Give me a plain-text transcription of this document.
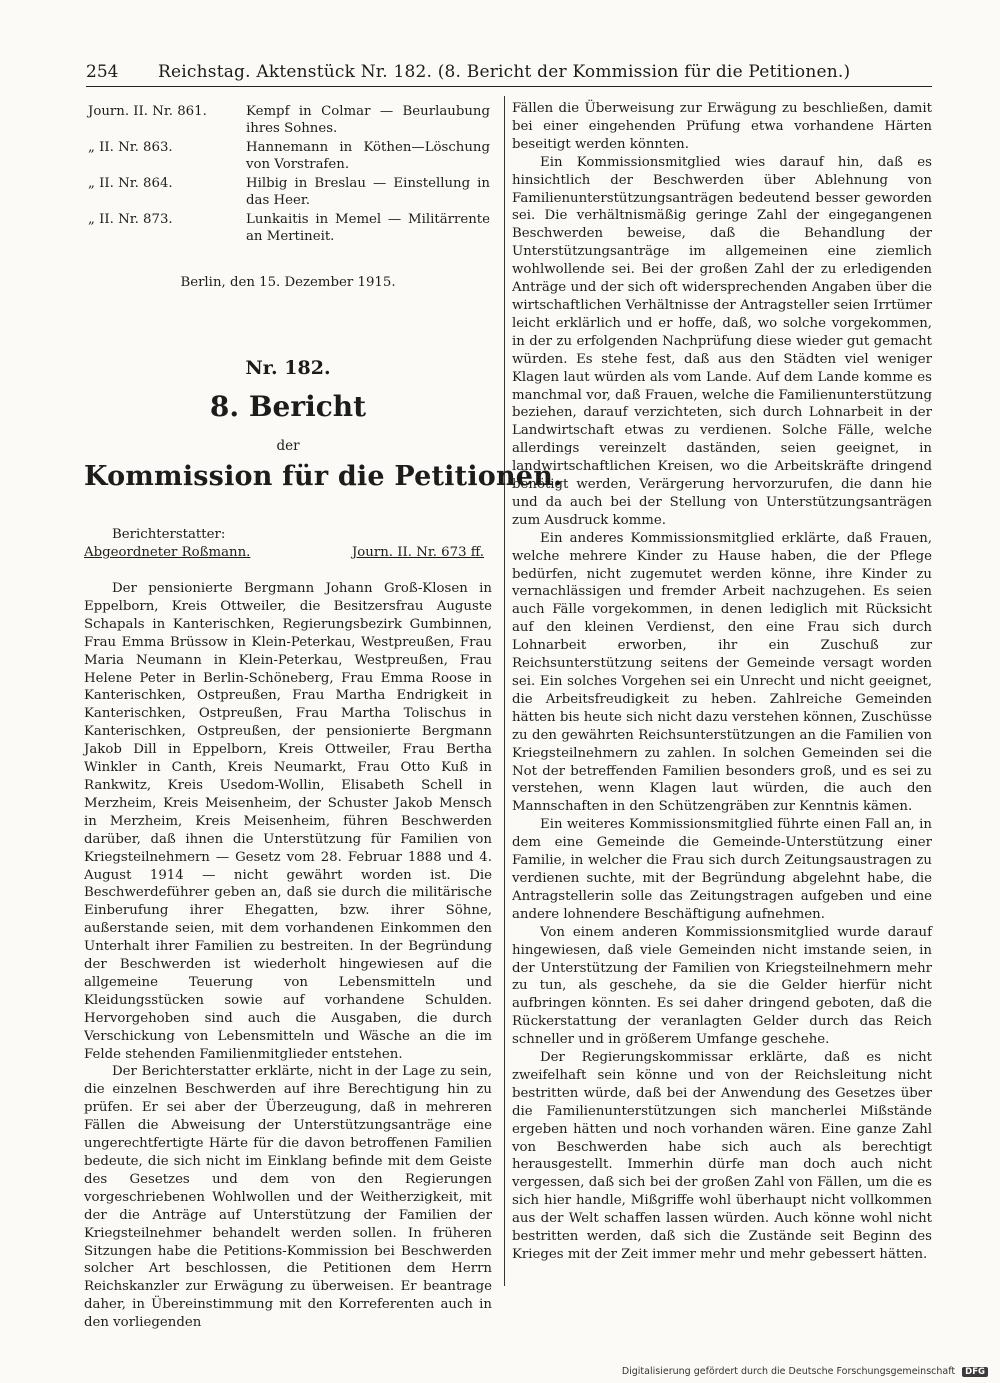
254 Reichstag. Aktenstück Nr. 182. (8. Bericht der Kommission für die Petitionen.)
Journ. II. Nr. 861.	Kempf in Colmar — Beurlaubung ihres Sohnes.
„ II. Nr. 863.	Hannemann in Köthen—Löschung von Vorstrafen.
„ II. Nr. 864.	Hilbig in Breslau — Einstellung in das Heer.
„ II. Nr. 873.	Lunkaitis in Memel — Militärrente an Mertineit.
Berlin, den 15. Dezember 1915.
Nr. 182.
8. Bericht
der
Kommission für die Petitionen.
Berichterstatter:
Abgeordneter Roßmann.	Journ. II. Nr. 673 ff.

Der pensionierte Bergmann Johann Groß-Klosen in Eppelborn, Kreis Ottweiler, die Besitzersfrau Auguste Schapals in Kanterischken, Regierungsbezirk Gumbinnen, Frau Emma Brüssow in Klein-Peterkau, Westpreußen, Frau Maria Neumann in Klein-Peterkau, Westpreußen, Frau Helene Peter in Berlin-Schöneberg, Frau Emma Roose in Kanterischken, Ostpreußen, Frau Martha Endrigkeit in Kanterischken, Ostpreußen, Frau Martha Tolischus in Kanterischken, Ostpreußen, der pensionierte Bergmann Jakob Dill in Eppelborn, Kreis Ottweiler, Frau Bertha Winkler in Canth, Kreis Neumarkt, Frau Otto Kuß in Rankwitz, Kreis Usedom-Wollin, Elisabeth Schell in Merzheim, Kreis Meisenheim, der Schuster Jakob Mensch in Merzheim, Kreis Meisenheim, führen Beschwerden darüber, daß ihnen die Unterstützung für Familien von Kriegsteilnehmern — Gesetz vom 28. Februar 1888 und 4. August 1914 — nicht gewährt worden ist. Die Beschwerdeführer geben an, daß sie durch die militärische Einberufung ihrer Ehegatten, bzw. ihrer Söhne, außerstande seien, mit dem vorhandenen Einkommen den Unterhalt ihrer Familien zu bestreiten. In der Begründung der Beschwerden ist wiederholt hingewiesen auf die allgemeine Teuerung von Lebensmitteln und Kleidungsstücken sowie auf vorhandene Schulden. Hervorgehoben sind auch die Ausgaben, die durch Verschickung von Lebensmitteln und Wäsche an die im Felde stehenden Familienmitglieder entstehen.

Der Berichterstatter erklärte, nicht in der Lage zu sein, die einzelnen Beschwerden auf ihre Berechtigung hin zu prüfen. Er sei aber der Überzeugung, daß in mehreren Fällen die Abweisung der Unterstützungsanträge eine ungerechtfertigte Härte für die davon betroffenen Familien bedeute, die sich nicht im Einklang befinde mit dem Geiste des Gesetzes und dem von den Regierungen vorgeschriebenen Wohlwollen und der Weitherzigkeit, mit der die Anträge auf Unterstützung der Familien der Kriegsteilnehmer behandelt werden sollen. In früheren Sitzungen habe die Petitions-Kommission bei Beschwerden solcher Art beschlossen, die Petitionen dem Herrn Reichskanzler zur Erwägung zu überweisen. Er beantrage daher, in Übereinstimmung mit den Korreferenten auch in den vorliegenden

Fällen die Überweisung zur Erwägung zu beschließen, damit bei einer eingehenden Prüfung etwa vorhandene Härten beseitigt werden könnten.

Ein Kommissionsmitglied wies darauf hin, daß es hinsichtlich der Beschwerden über Ablehnung von Familienunterstützungsanträgen bedeutend besser geworden sei. Die verhältnismäßig geringe Zahl der eingegangenen Beschwerden beweise, daß die Behandlung der Unterstützungsanträge im allgemeinen eine ziemlich wohlwollende sei. Bei der großen Zahl der zu erledigenden Anträge und der sich oft widersprechenden Angaben über die wirtschaftlichen Verhältnisse der Antragsteller seien Irrtümer leicht erklärlich und er hoffe, daß, wo solche vorgekommen, in der zu erfolgenden Nachprüfung diese wieder gut gemacht würden. Es stehe fest, daß aus den Städten viel weniger Klagen laut würden als vom Lande. Auf dem Lande komme es manchmal vor, daß Frauen, welche die Familienunterstützung beziehen, darauf verzichteten, sich durch Lohnarbeit in der Landwirtschaft etwas zu verdienen. Solche Fälle, welche allerdings vereinzelt daständen, seien geeignet, in landwirtschaftlichen Kreisen, wo die Arbeitskräfte dringend benötigt werden, Verärgerung hervorzurufen, die dann hie und da auch bei der Stellung von Unterstützungsanträgen zum Ausdruck komme.

Ein anderes Kommissionsmitglied erklärte, daß Frauen, welche mehrere Kinder zu Hause haben, die der Pflege bedürfen, nicht zugemutet werden könne, ihre Kinder zu vernachlässigen und fremder Arbeit nachzugehen. Es seien auch Fälle vorgekommen, in denen lediglich mit Rücksicht auf den kleinen Verdienst, den eine Frau sich durch Lohnarbeit erworben, ihr ein Zuschuß zur Reichsunterstützung seitens der Gemeinde versagt worden sei. Ein solches Vorgehen sei ein Unrecht und nicht geeignet, die Arbeitsfreudigkeit zu heben. Zahlreiche Gemeinden hätten bis heute sich nicht dazu verstehen können, Zuschüsse zu den gewährten Reichsunterstützungen an die Familien von Kriegsteilnehmern zu zahlen. In solchen Gemeinden sei die Not der betreffenden Familien besonders groß, und es sei zu verstehen, wenn Klagen laut würden, die auch den Mannschaften in den Schützengräben zur Kenntnis kämen.

Ein weiteres Kommissionsmitglied führte einen Fall an, in dem eine Gemeinde die Gemeinde-Unterstützung einer Familie, in welcher die Frau sich durch Zeitungsaustragen zu verdienen suchte, mit der Begründung abgelehnt habe, die Antragstellerin solle das Zeitungstragen aufgeben und eine andere lohnendere Beschäftigung aufnehmen.

Von einem anderen Kommissionsmitglied wurde darauf hingewiesen, daß viele Gemeinden nicht imstande seien, in der Unterstützung der Familien von Kriegsteilnehmern mehr zu tun, als geschehe, da sie die Gelder hierfür nicht aufbringen könnten. Es sei daher dringend geboten, daß die Rückerstattung der veranlagten Gelder durch das Reich schneller und in größerem Umfange geschehe.

Der Regierungskommissar erklärte, daß es nicht zweifelhaft sein könne und von der Reichsleitung nicht bestritten würde, daß bei der Anwendung des Gesetzes über die Familienunterstützungen sich mancherlei Mißstände ergeben hätten und noch vorhanden wären. Eine ganze Zahl von Beschwerden habe sich auch als berechtigt herausgestellt. Immerhin dürfe man doch auch nicht vergessen, daß sich bei der großen Zahl von Fällen, um die es sich hier handle, Mißgriffe wohl überhaupt nicht vollkommen aus der Welt schaffen lassen würden. Auch könne wohl nicht bestritten werden, daß sich die Zustände seit Beginn des Krieges mit der Zeit immer mehr und mehr gebessert hätten.

Digitalisierung gefördert durch die Deutsche Forschungsgemeinschaft DFG
